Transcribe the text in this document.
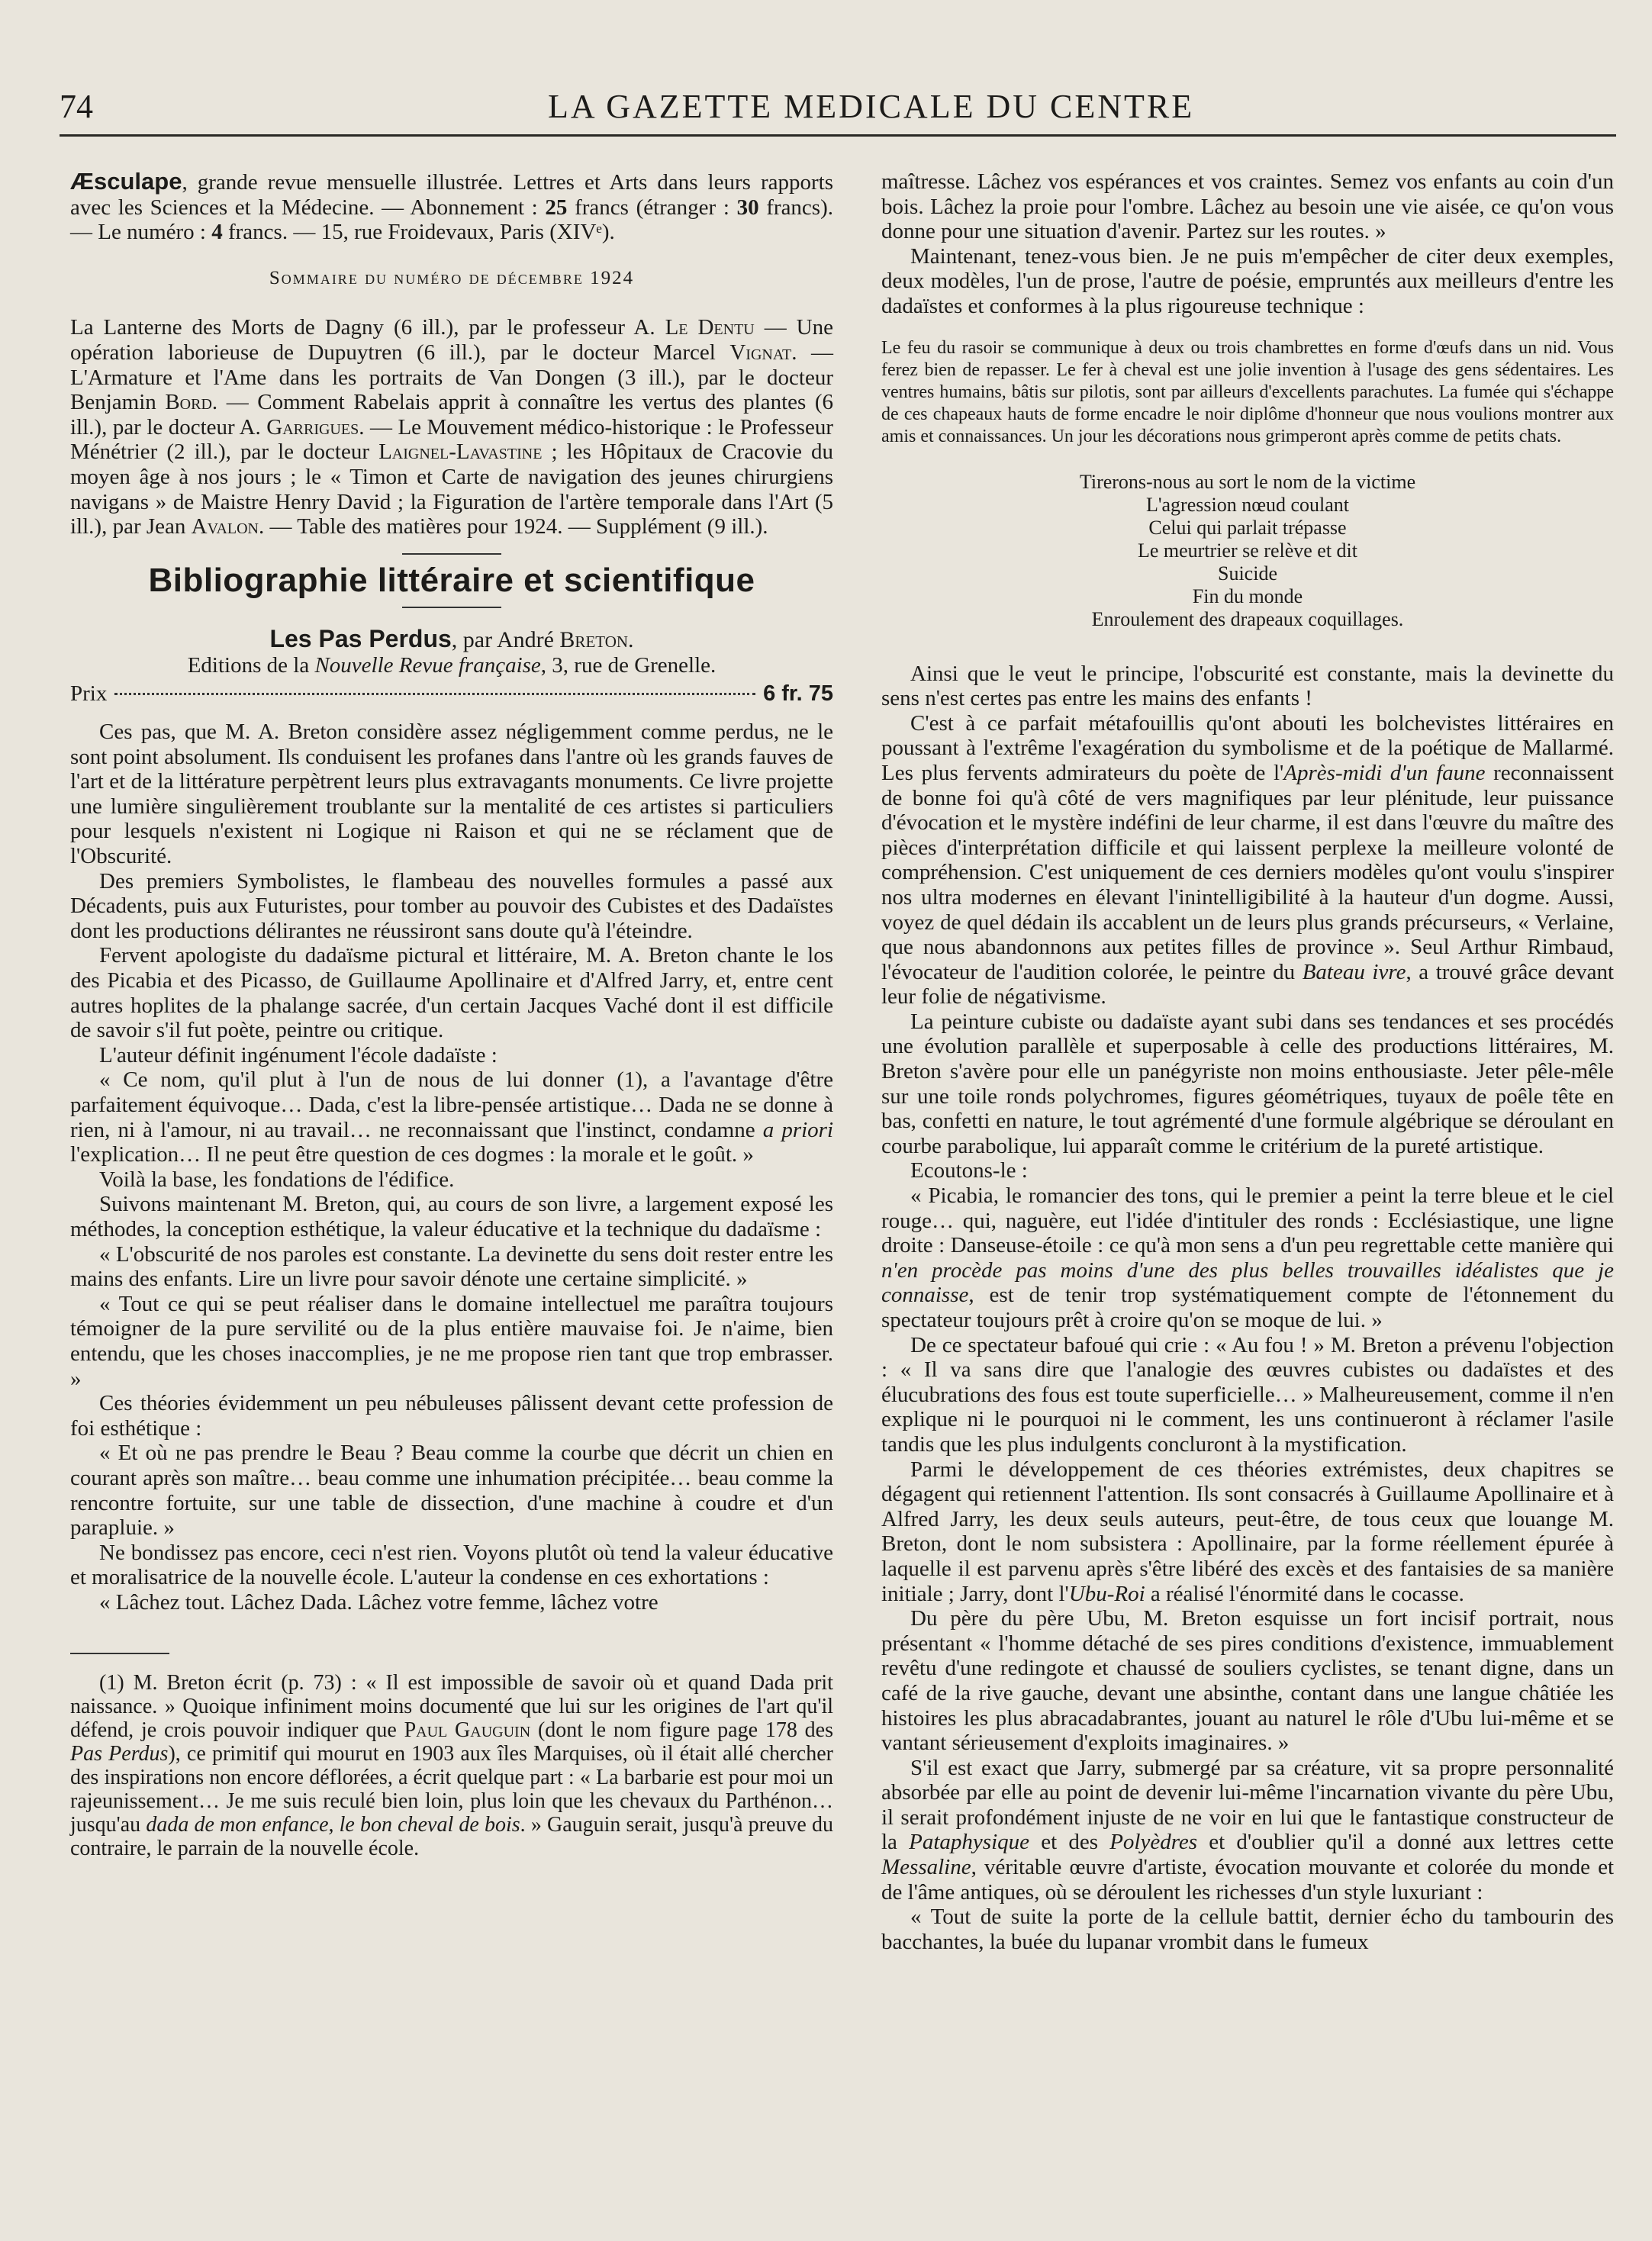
74	LA GAZETTE MEDICALE DU CENTRE

Æsculape, grande revue mensuelle illustrée. Lettres et Arts dans leurs rapports avec les Sciences et la Médecine. — Abonnement : 25 francs (étranger : 30 francs). — Le numéro : 4 francs. — 15, rue Froidevaux, Paris (XIVᵉ).

Sommaire du numéro de décembre 1924

La Lanterne des Morts de Dagny (6 ill.), par le professeur A. Le Dentu — Une opération laborieuse de Dupuytren (6 ill.), par le docteur Marcel Vignat. — L'Armature et l'Ame dans les portraits de Van Dongen (3 ill.), par le docteur Benjamin Bord. — Comment Rabelais apprit à connaître les vertus des plantes (6 ill.), par le docteur A. Garrigues. — Le Mouvement médico-historique : le Professeur Ménétrier (2 ill.), par le docteur Laignel-Lavastine ; les Hôpitaux de Cracovie du moyen âge à nos jours ; le « Timon et Carte de navigation des jeunes chirurgiens navigans » de Maistre Henry David ; la Figuration de l'artère temporale dans l'Art (5 ill.), par Jean Avalon. — Table des matières pour 1924. — Supplément (9 ill.).

Bibliographie littéraire et scientifique
Les Pas Perdus, par André Breton.
Editions de la Nouvelle Revue française, 3, rue de Grenelle.
Prix	6 fr. 75

Ces pas, que M. A. Breton considère assez négligemment comme perdus, ne le sont point absolument. Ils conduisent les profanes dans l'antre où les grands fauves de l'art et de la littérature perpètrent leurs plus extravagants monuments. Ce livre projette une lumière singulièrement troublante sur la mentalité de ces artistes si particuliers pour lesquels n'existent ni Logique ni Raison et qui ne se réclament que de l'Obscurité.

Des premiers Symbolistes, le flambeau des nouvelles formules a passé aux Décadents, puis aux Futuristes, pour tomber au pouvoir des Cubistes et des Dadaïstes dont les productions délirantes ne réussiront sans doute qu'à l'éteindre.

Fervent apologiste du dadaïsme pictural et littéraire, M. A. Breton chante le los des Picabia et des Picasso, de Guillaume Apollinaire et d'Alfred Jarry, et, entre cent autres hoplites de la phalange sacrée, d'un certain Jacques Vaché dont il est difficile de savoir s'il fut poète, peintre ou critique.

L'auteur définit ingénument l'école dadaïste :

« Ce nom, qu'il plut à l'un de nous de lui donner (1), a l'avantage d'être parfaitement équivoque… Dada, c'est la libre-pensée artistique… Dada ne se donne à rien, ni à l'amour, ni au travail… ne reconnaissant que l'instinct, condamne a priori l'explication… Il ne peut être question de ces dogmes : la morale et le goût. »

Voilà la base, les fondations de l'édifice.

Suivons maintenant M. Breton, qui, au cours de son livre, a largement exposé les méthodes, la conception esthétique, la valeur éducative et la technique du dadaïsme :

« L'obscurité de nos paroles est constante. La devinette du sens doit rester entre les mains des enfants. Lire un livre pour savoir dénote une certaine simplicité. »

« Tout ce qui se peut réaliser dans le domaine intellectuel me paraîtra toujours témoigner de la pure servilité ou de la plus entière mauvaise foi. Je n'aime, bien entendu, que les choses inaccomplies, je ne me propose rien tant que trop embrasser. »

Ces théories évidemment un peu nébuleuses pâlissent devant cette profession de foi esthétique :

« Et où ne pas prendre le Beau ? Beau comme la courbe que décrit un chien en courant après son maître… beau comme une inhumation précipitée… beau comme la rencontre fortuite, sur une table de dissection, d'une machine à coudre et d'un parapluie. »

Ne bondissez pas encore, ceci n'est rien. Voyons plutôt où tend la valeur éducative et moralisatrice de la nouvelle école. L'auteur la condense en ces exhortations :

« Lâchez tout. Lâchez Dada. Lâchez votre femme, lâchez votre

(1) M. Breton écrit (p. 73) : « Il est impossible de savoir où et quand Dada prit naissance. » Quoique infiniment moins documenté que lui sur les origines de l'art qu'il défend, je crois pouvoir indiquer que Paul Gauguin (dont le nom figure page 178 des Pas Perdus), ce primitif qui mourut en 1903 aux îles Marquises, où il était allé chercher des inspirations non encore déflorées, a écrit quelque part : « La barbarie est pour moi un rajeunissement… Je me suis reculé bien loin, plus loin que les chevaux du Parthénon… jusqu'au dada de mon enfance, le bon cheval de bois. » Gauguin serait, jusqu'à preuve du contraire, le parrain de la nouvelle école.

maîtresse. Lâchez vos espérances et vos craintes. Semez vos enfants au coin d'un bois. Lâchez la proie pour l'ombre. Lâchez au besoin une vie aisée, ce qu'on vous donne pour une situation d'avenir. Partez sur les routes. »

Maintenant, tenez-vous bien. Je ne puis m'empêcher de citer deux exemples, deux modèles, l'un de prose, l'autre de poésie, empruntés aux meilleurs d'entre les dadaïstes et conformes à la plus rigoureuse technique :

Le feu du rasoir se communique à deux ou trois chambrettes en forme d'œufs dans un nid. Vous ferez bien de repasser. Le fer à cheval est une jolie invention à l'usage des gens sédentaires. Les ventres humains, bâtis sur pilotis, sont par ailleurs d'excellents parachutes. La fumée qui s'échappe de ces chapeaux hauts de forme encadre le noir diplôme d'honneur que nous voulions montrer aux amis et connaissances. Un jour les décorations nous grimperont après comme de petits chats.

Tirerons-nous au sort le nom de la victime
L'agression nœud coulant
Celui qui parlait trépasse
Le meurtrier se relève et dit
Suicide
Fin du monde
Enroulement des drapeaux coquillages.

Ainsi que le veut le principe, l'obscurité est constante, mais la devinette du sens n'est certes pas entre les mains des enfants !

C'est à ce parfait métafouillis qu'ont abouti les bolchevistes littéraires en poussant à l'extrême l'exagération du symbolisme et de la poétique de Mallarmé. Les plus fervents admirateurs du poète de l'Après-midi d'un faune reconnaissent de bonne foi qu'à côté de vers magnifiques par leur plénitude, leur puissance d'évocation et le mystère indéfini de leur charme, il est dans l'œuvre du maître des pièces d'interprétation difficile et qui laissent perplexe la meilleure volonté de compréhension. C'est uniquement de ces derniers modèles qu'ont voulu s'inspirer nos ultra modernes en élevant l'inintelligibilité à la hauteur d'un dogme. Aussi, voyez de quel dédain ils accablent un de leurs plus grands précurseurs, « Verlaine, que nous abandonnons aux petites filles de province ». Seul Arthur Rimbaud, l'évocateur de l'audition colorée, le peintre du Bateau ivre, a trouvé grâce devant leur folie de négativisme.

La peinture cubiste ou dadaïste ayant subi dans ses tendances et ses procédés une évolution parallèle et superposable à celle des productions littéraires, M. Breton s'avère pour elle un panégyriste non moins enthousiaste. Jeter pêle-mêle sur une toile ronds polychromes, figures géométriques, tuyaux de poêle tête en bas, confetti en nature, le tout agrémenté d'une formule algébrique se déroulant en courbe parabolique, lui apparaît comme le critérium de la pureté artistique.

Ecoutons-le :

« Picabia, le romancier des tons, qui le premier a peint la terre bleue et le ciel rouge… qui, naguère, eut l'idée d'intituler des ronds : Ecclésiastique, une ligne droite : Danseuse-étoile : ce qu'à mon sens a d'un peu regrettable cette manière qui n'en procède pas moins d'une des plus belles trouvailles idéalistes que je connaisse, est de tenir trop systématiquement compte de l'étonnement du spectateur toujours prêt à croire qu'on se moque de lui. »

De ce spectateur bafoué qui crie : « Au fou ! » M. Breton a prévenu l'objection : « Il va sans dire que l'analogie des œuvres cubistes ou dadaïstes et des élucubrations des fous est toute superficielle… » Malheureusement, comme il n'en explique ni le pourquoi ni le comment, les uns continueront à réclamer l'asile tandis que les plus indulgents concluront à la mystification.

Parmi le développement de ces théories extrémistes, deux chapitres se dégagent qui retiennent l'attention. Ils sont consacrés à Guillaume Apollinaire et à Alfred Jarry, les deux seuls auteurs, peut-être, de tous ceux que louange M. Breton, dont le nom subsistera : Apollinaire, par la forme réellement épurée à laquelle il est parvenu après s'être libéré des excès et des fantaisies de sa manière initiale ; Jarry, dont l'Ubu-Roi a réalisé l'énormité dans le cocasse.

Du père du père Ubu, M. Breton esquisse un fort incisif portrait, nous présentant « l'homme détaché de ses pires conditions d'existence, immuablement revêtu d'une redingote et chaussé de souliers cyclistes, se tenant digne, dans un café de la rive gauche, devant une absinthe, contant dans une langue châtiée les histoires les plus abracadabrantes, jouant au naturel le rôle d'Ubu lui-même et se vantant sérieusement d'exploits imaginaires. »

S'il est exact que Jarry, submergé par sa créature, vit sa propre personnalité absorbée par elle au point de devenir lui-même l'incarnation vivante du père Ubu, il serait profondément injuste de ne voir en lui que le fantastique constructeur de la Pataphysique et des Polyèdres et d'oublier qu'il a donné aux lettres cette Messaline, véritable œuvre d'artiste, évocation mouvante et colorée du monde et de l'âme antiques, où se déroulent les richesses d'un style luxuriant :

« Tout de suite la porte de la cellule battit, dernier écho du tambourin des bacchantes, la buée du lupanar vrombit dans le fumeux
